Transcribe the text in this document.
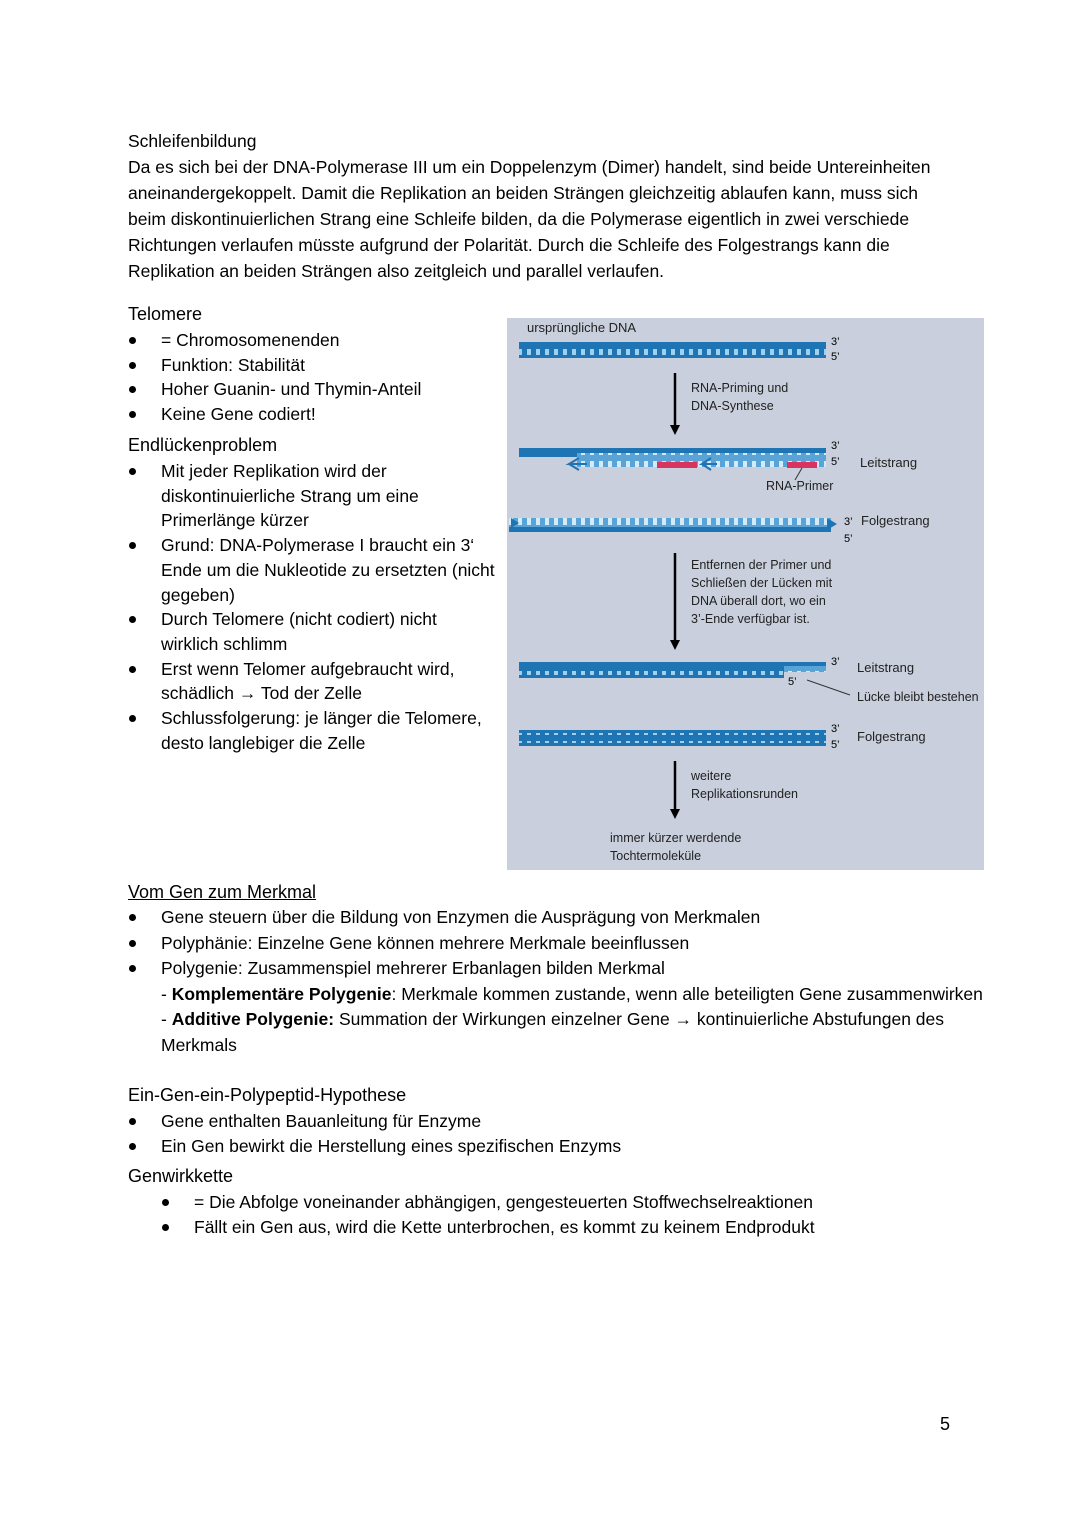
Schleifenbildung

Da es sich bei der DNA-Polymerase III um ein Doppelenzym (Dimer) handelt, sind beide Untereinheiten aneinandergekoppelt. Damit die Replikation an beiden Strängen gleichzeitig ablaufen kann, muss sich beim diskontinuierlichen Strang eine Schleife bilden, da die Polymerase eigentlich in zwei verschiede Richtungen verlaufen müsste aufgrund der Polarität. Durch die Schleife des Folgestrangs kann die Replikation an beiden Strängen also zeitgleich und parallel verlaufen.

Telomere
= Chromosomenenden
Funktion: Stabilität
Hoher Guanin- und Thymin-Anteil
Keine Gene codiert!
Endlückenproblem
Mit jeder Replikation wird der diskontinuierliche Strang um eine Primerlänge kürzer
Grund: DNA-Polymerase I braucht ein 3‘ Ende um die Nukleotide zu ersetzten (nicht gegeben)
Durch Telomere (nicht codiert) nicht wirklich schlimm
Erst wenn Telomer aufgebraucht wird, schädlich → Tod der Zelle
Schlussfolgerung: je länger die Telomere, desto langlebiger die Zelle
ursprüngliche DNA
3’
5’
RNA-Priming und
DNA-Synthese
3’
5’ Leitstrang
RNA-Primer
3’
5’
Folgestrang
Entfernen der Primer und
Schließen der Lücken mit
DNA überall dort, wo ein
3’-Ende verfügbar ist.
3’
5’
Leitstrang
Lücke bleibt bestehen
3’
5’
Folgestrang
weitere
Replikationsrunden
immer kürzer werdende
Tochtermoleküle
Vom Gen zum Merkmal
Gene steuern über die Bildung von Enzymen die Ausprägung von Merkmalen
Polyphänie: Einzelne Gene können mehrere Merkmale beeinflussen
Polygenie: Zusammenspiel mehrerer Erbanlagen bilden Merkmal
- Komplementäre Polygenie: Merkmale kommen zustande, wenn alle beteiligten Gene zusammenwirken
- Additive Polygenie: Summation der Wirkungen einzelner Gene → kontinuierliche Abstufungen des Merkmals
Ein-Gen-ein-Polypeptid-Hypothese
Gene enthalten Bauanleitung für Enzyme
Ein Gen bewirkt die Herstellung eines spezifischen Enzyms
Genwirkkette
= Die Abfolge voneinander abhängigen, gengesteuerten Stoffwechselreaktionen
Fällt ein Gen aus, wird die Kette unterbrochen, es kommt zu keinem Endprodukt
5
